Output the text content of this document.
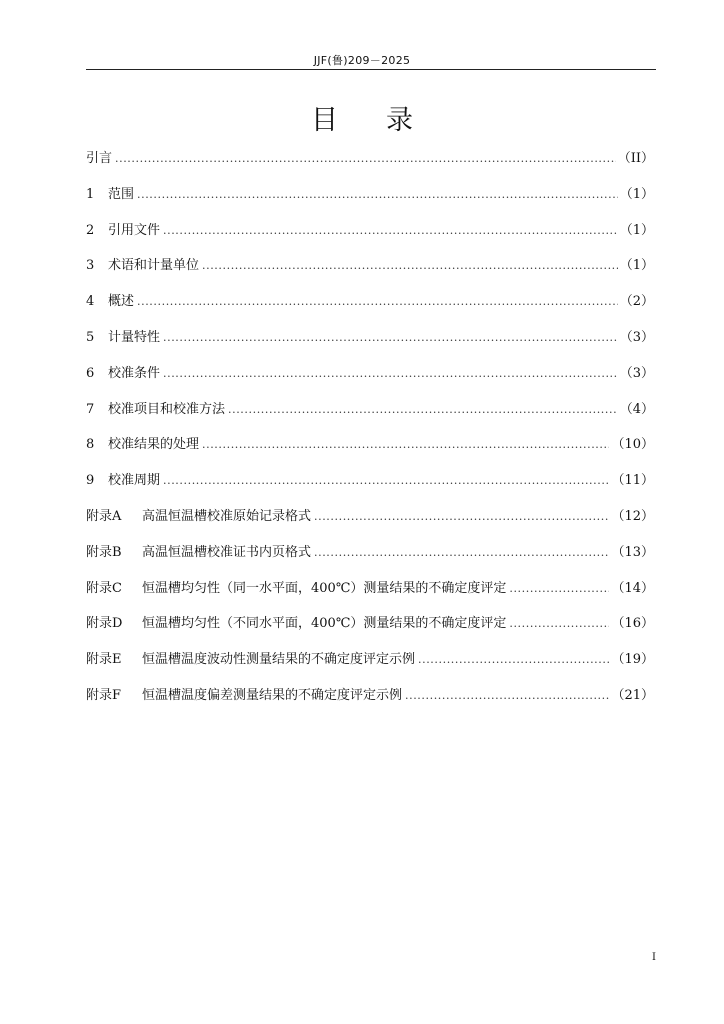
JJF(鲁)209－2025
目录
引言 .....	（II）
1	范围 .....	（1）
2	引用文件 .....	（1）
3	术语和计量单位 .....	（1）
4	概述 .....	（2）
5	计量特性 .....	（3）
6	校准条件 .....	（3）
7	校准项目和校准方法 .....	（4）
8	校准结果的处理 .....	（10）
9	校准周期 .....	（11）
附录A	高温恒温槽校准原始记录格式 .....	（12）
附录B	高温恒温槽校准证书内页格式 .....	（13）
附录C	恒温槽均匀性（同一水平面，400℃）测量结果的不确定度评定 .....	（14）
附录D	恒温槽均匀性（不同水平面，400℃）测量结果的不确定度评定 .....	（16）
附录E	恒温槽温度波动性测量结果的不确定度评定示例 .....	（19）
附录F	恒温槽温度偏差测量结果的不确定度评定示例 .....	（21）
I
